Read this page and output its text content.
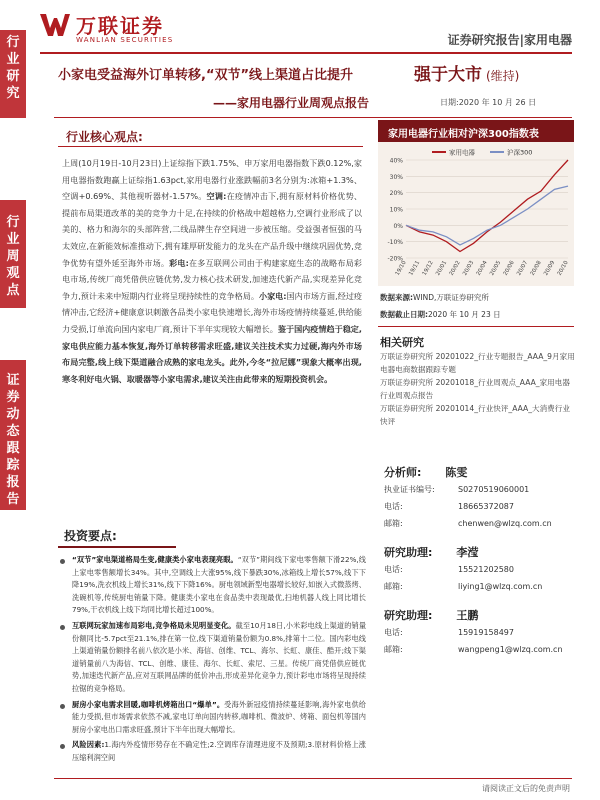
万联证券
WANLIAN SECURITIES	证券研究报告|家用电器
行
业
研
究
行
业
周
观
点
证
券
动
态
跟
踪
报
告
小家电受益海外订单转移,“双节”线上渠道占比提升
——家用电器行业周观点报告
强于大市 (维持)
日期:2020 年 10 月 26 日
行业核心观点:
上周(10月19日-10月23日)上证综指下跌1.75%、申万家用电器指数下跌0.12%,家用电器指数跑赢上证综指1.63pct,家用电器行业涨跌幅前3名分别为:冰箱+1.3%、空调+0.69%、其他视听器材-1.57%。空调:在疫情冲击下,拥有原材料价格优势、提前布局渠道改革的美的竞争力十足,在持续的价格战中超越格力,空调行业形成了以美的、格力和海尔的头部阵营,二线品牌生存空间进一步被压缩。受益强者恒强的马太效应,在新能效标准推动下,拥有雄厚研发能力的龙头在产品升级中继续巩固优势,竞争优势有望外延至海外市场。彩电:在多互联网公司由于构建家庭生态的战略布局彩电市场,传统厂商凭借供应链优势,发力核心技术研发,加速迭代新产品,实现差异化竞争力,预计未来中短期内行业将呈现持续性的竞争格局。小家电:国内市场方面,经过疫情冲击,它经济+健康意识刺激各品类小家电快速增长,海外市场疫情持续蔓延,供给能力受损,订单流向国内家电厂商,预计下半年实现较大幅增长。鉴于国内疫情趋于稳定,家电供应能力基本恢复,海外订单转移需求旺盛,建议关注技术实力过硬,海内外市场布局完整,线上线下渠道融合成熟的家电龙头。此外,今冬“拉尼娜”现象大概率出现,寒冬利好电火锅、取暖器等小家电需求,建议关注由此带来的短期投资机会。
投资要点:
“双节”家电渠道格局生变,健康类小家电表现亮眼。“双节”期间线下家电零售额下滑22%,线上家电零售额增长34%。其中,空调线上大涨95%,线下暴跌30%,冰箱线上增长57%,线下下降19%,洗衣机线上增长31%,线下下降16%。厨电领域新型电器增长较好,如嵌入式微蒸烤、洗碗机等,传统厨电销量下降。健康类小家电在食品类中表现最优,扫地机器人线上同比增长79%,干衣机线上线下均同比增长超过100%。
互联网玩家加速布局彩电,竞争格局未见明显变化。截至10月18日,小米彩电线上渠道的销量份额同比-5.7pct至21.1%,排在第一位,线下渠道销量份额为0.8%,排第十二位。国内彩电线上渠道销量份额排名前八依次是小米、海信、创维、TCL、海尔、长虹、康佳、酷开;线下渠道销量前八为海信、TCL、创维、康佳、海尔、长虹、索尼、三星。传统厂商凭借供应链优势,加速迭代新产品,应对互联网品牌的低价冲击,形成差异化竞争力,预计彩电市场将呈现持续拉锯的竞争格局。
家用电器行业相对沪深300指数表
40%
30%
20%
10%
0%
-10%
-20%
19/10 19/11 19/12 20/01 20/02 20/03 20/04 20/05 20/06 20/07 20/08 20/09 20/10
家用电器	沪深300
数据来源:WIND,万联证券研究所
数据截止日期:2020 年 10 月 23 日
相关研究
万联证券研究所 20201022_行业专题报告_AAA_9月家用电器电商数据跟踪专题
万联证券研究所 20201018_行业周观点_AAA_家用电器行业周观点报告
万联证券研究所 20201014_行业快评_AAA_大消费行业快评
分析师: 陈雯
执业证书编号:	S0270519060001
电话:	18665372087
邮箱:	chenwen@wlzq.com.cn
研究助理: 李滢
电话:	15521202580
邮箱:	liying1@wlzq.com.cn
研究助理: 王鹏
电话:	15919158497
邮箱:	wangpeng1@wlzq.com.cn
请阅读正文后的免责声明
厨房小家电需求回暖,咖啡机烤箱出口“爆单”。受海外新冠疫情持续蔓延影响,海外家电供给能力受损,但市场需求依然不减,家电订单向国内转移,咖啡机、微波炉、烤箱、面包机等国内厨房小家电出口需求旺盛,预计下半年出现大幅增长。
风险因素:1.海内外疫情形势存在不确定性;2.空调库存清理进度不及预期;3.原材料价格上涨压缩利润空间
